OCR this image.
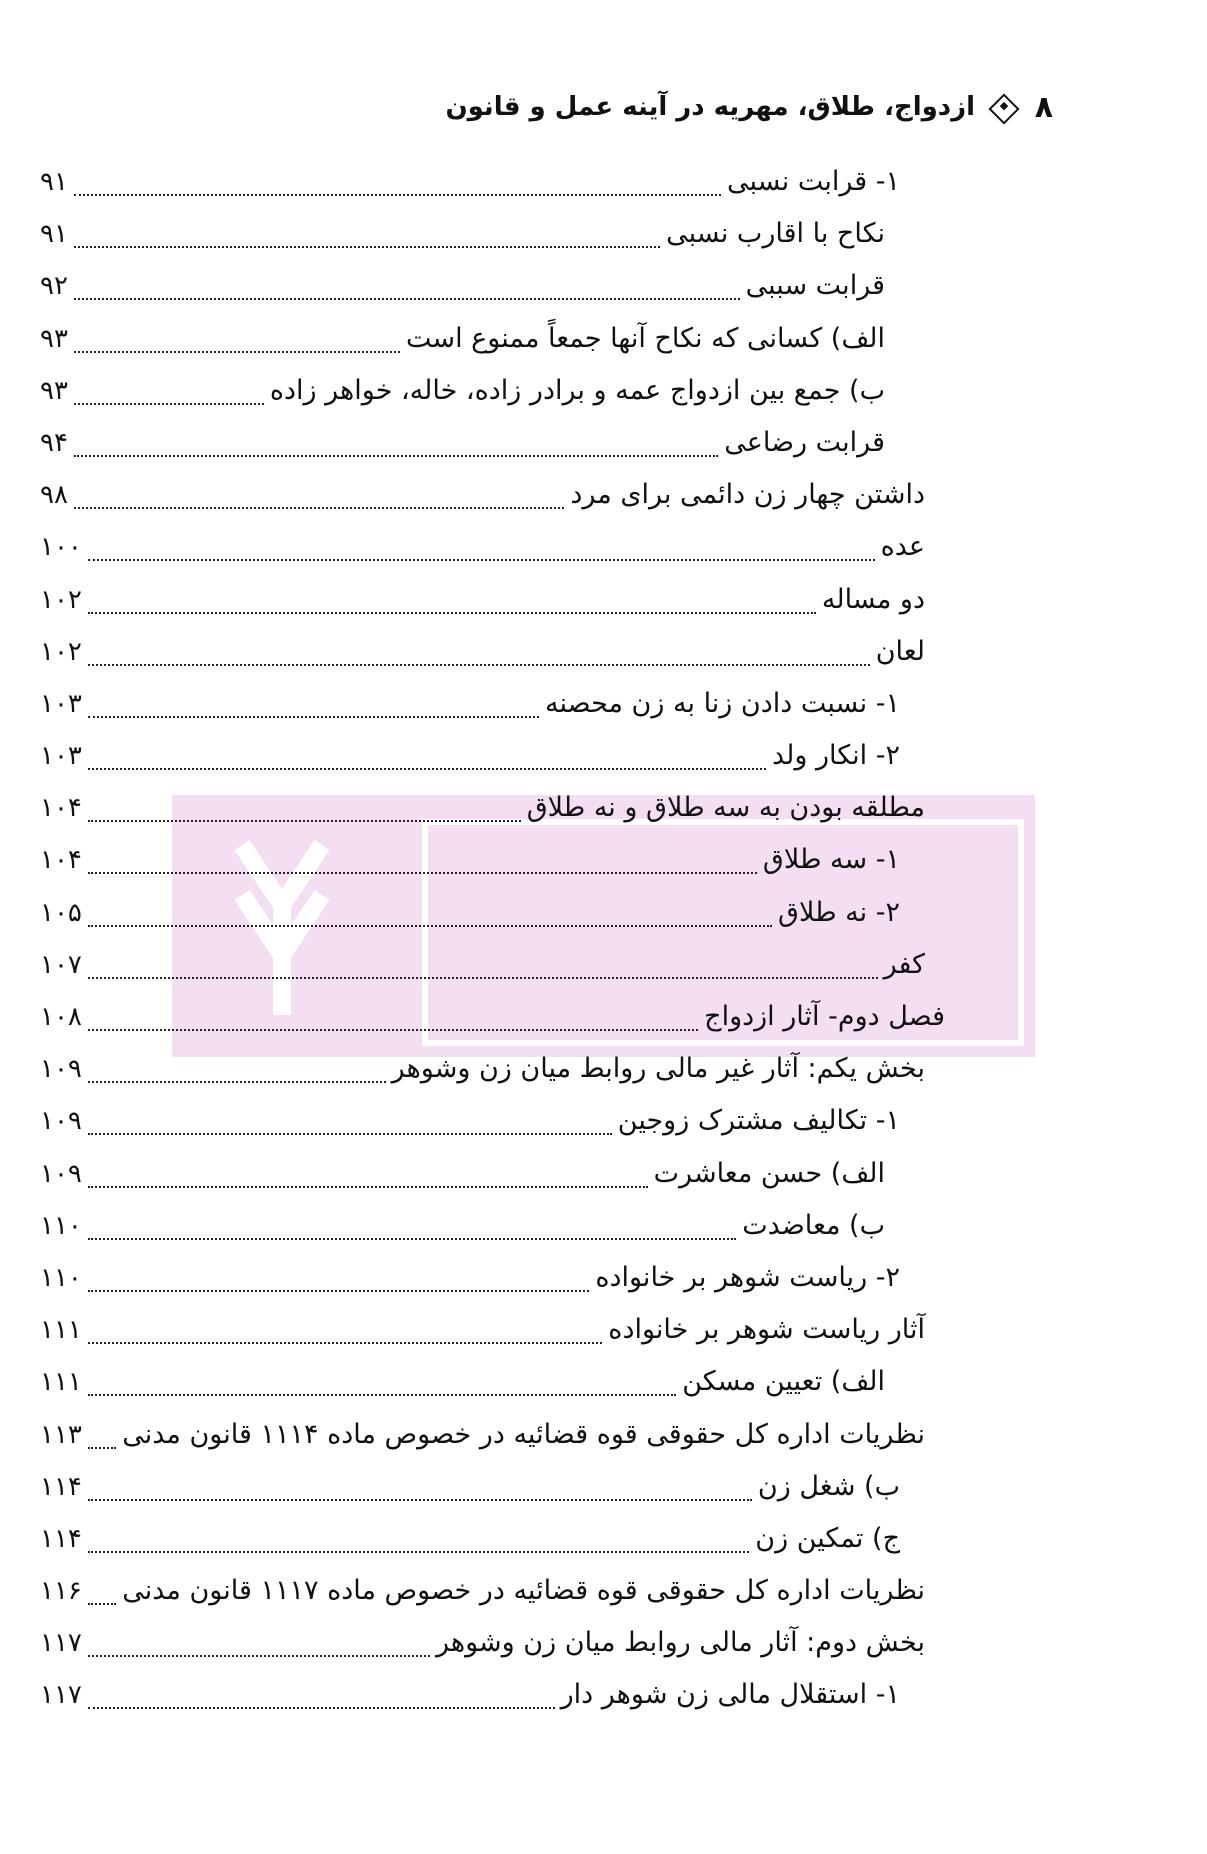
۸
ازدواج، طلاق، مهریه در آینه عمل و قانون
۱- قرابت نسبی
۹۱
نکاح با اقارب نسبی
۹۱
قرابت سببی
۹۲
الف) کسانی که نکاح آنها جمعاً ممنوع است
۹۳
ب) جمع بین ازدواج عمه و برادر زاده، خاله، خواهر زاده
۹۳
قرابت رضاعی
۹۴
داشتن چهار زن دائمی برای مرد
۹۸
عده
۱۰۰
دو مساله
۱۰۲
لعان
۱۰۲
۱- نسبت دادن زنا به زن محصنه
۱۰۳
۲- انکار ولد
۱۰۳
مطلقه بودن به سه طلاق و نه طلاق
۱۰۴
۱- سه طلاق
۱۰۴
۲- نه طلاق
۱۰۵
کفر
۱۰۷
فصل دوم- آثار ازدواج
۱۰۸
بخش یکم: آثار غیر مالی روابط میان زن وشوهر
۱۰۹
۱- تکالیف مشترک زوجین
۱۰۹
الف) حسن معاشرت
۱۰۹
ب) معاضدت
۱۱۰
۲- ریاست شوهر بر خانواده
۱۱۰
آثار ریاست شوهر بر خانواده
۱۱۱
الف) تعیین مسکن
۱۱۱
نظریات اداره کل حقوقی قوه قضائیه در خصوص ماده ۱۱۱۴ قانون مدنی
۱۱۳
ب) شغل زن
۱۱۴
ج) تمکین زن
۱۱۴
نظریات اداره کل حقوقی قوه قضائیه در خصوص ماده ۱۱۱۷ قانون مدنی
۱۱۶
بخش دوم: آثار مالی روابط میان زن وشوهر
۱۱۷
۱- استقلال مالی زن شوهر دار
۱۱۷
